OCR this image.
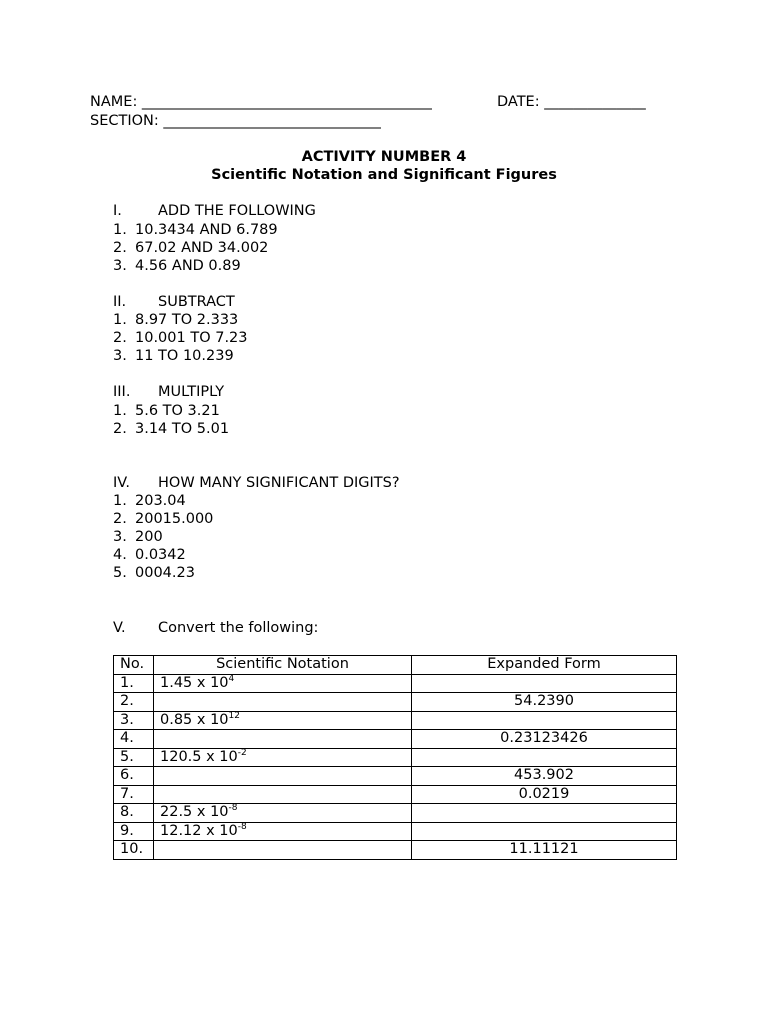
NAME: ________________________________________	DATE: ______________
SECTION: ______________________________
ACTIVITY NUMBER 4
Scientific Notation and Significant Figures
I. ADD THE FOLLOWING
1. 10.3434 AND 6.789
2. 67.02 AND 34.002
3. 4.56 AND 0.89
II. SUBTRACT
1. 8.97 TO 2.333
2. 10.001 TO 7.23
3. 11 TO 10.239
III. MULTIPLY
1. 5.6 TO 3.21
2. 3.14 TO 5.01
IV. HOW MANY SIGNIFICANT DIGITS?
1. 203.04
2. 20015.000
3. 200
4. 0.0342
5. 0004.23
V. Convert the following:
No.	Scientific Notation	Expanded Form
1.	1.45 x $10^4$	
2.		54.2390
3.	0.85 x $10^{12}$	
4.		0.23123426
5.	120.5 x $10^{-2}$	
6.		453.902
7.		0.0219
8.	22.5 x $10^{-8}$	
9.	12.12 x $10^{-8}$	
10.		11.11121
